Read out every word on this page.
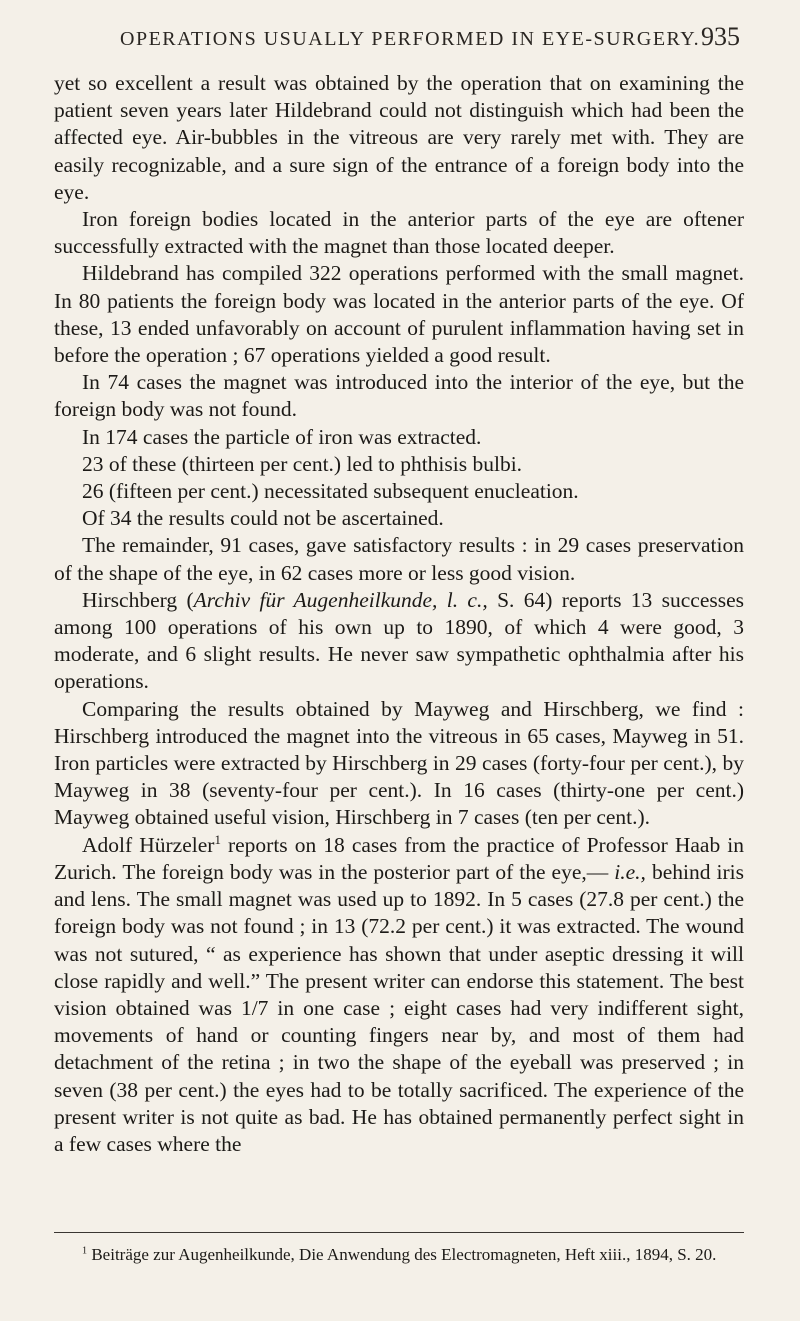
OPERATIONS USUALLY PERFORMED IN EYE-SURGERY. 935

yet so excellent a result was obtained by the operation that on examining the patient seven years later Hildebrand could not distinguish which had been the affected eye. Air-bubbles in the vitreous are very rarely met with. They are easily recognizable, and a sure sign of the entrance of a foreign body into the eye.

Iron foreign bodies located in the anterior parts of the eye are oftener successfully extracted with the magnet than those located deeper.

Hildebrand has compiled 322 operations performed with the small magnet. In 80 patients the foreign body was located in the anterior parts of the eye. Of these, 13 ended unfavorably on account of purulent inflammation having set in before the operation ; 67 operations yielded a good result.

In 74 cases the magnet was introduced into the interior of the eye, but the foreign body was not found.

In 174 cases the particle of iron was extracted.

23 of these (thirteen per cent.) led to phthisis bulbi.

26 (fifteen per cent.) necessitated subsequent enucleation.

Of 34 the results could not be ascertained.

The remainder, 91 cases, gave satisfactory results : in 29 cases preservation of the shape of the eye, in 62 cases more or less good vision.

Hirschberg (Archiv für Augenheilkunde, l. c., S. 64) reports 13 successes among 100 operations of his own up to 1890, of which 4 were good, 3 moderate, and 6 slight results. He never saw sympathetic ophthalmia after his operations.

Comparing the results obtained by Mayweg and Hirschberg, we find : Hirschberg introduced the magnet into the vitreous in 65 cases, Mayweg in 51. Iron particles were extracted by Hirschberg in 29 cases (forty-four per cent.), by Mayweg in 38 (seventy-four per cent.). In 16 cases (thirty-one per cent.) Mayweg obtained useful vision, Hirschberg in 7 cases (ten per cent.).

Adolf Hürzeler$^1$ reports on 18 cases from the practice of Professor Haab in Zurich. The foreign body was in the posterior part of the eye,— i.e., behind iris and lens. The small magnet was used up to 1892. In 5 cases (27.8 per cent.) the foreign body was not found ; in 13 (72.2 per cent.) it was extracted. The wound was not sutured, “ as experience has shown that under aseptic dressing it will close rapidly and well.” The present writer can endorse this statement. The best vision obtained was 1/7 in one case ; eight cases had very indifferent sight, movements of hand or counting fingers near by, and most of them had detachment of the retina ; in two the shape of the eyeball was preserved ; in seven (38 per cent.) the eyes had to be totally sacrificed. The experience of the present writer is not quite as bad. He has obtained permanently perfect sight in a few cases where the

$^1$ Beiträge zur Augenheilkunde, Die Anwendung des Electromagneten, Heft xiii., 1894, S. 20.
